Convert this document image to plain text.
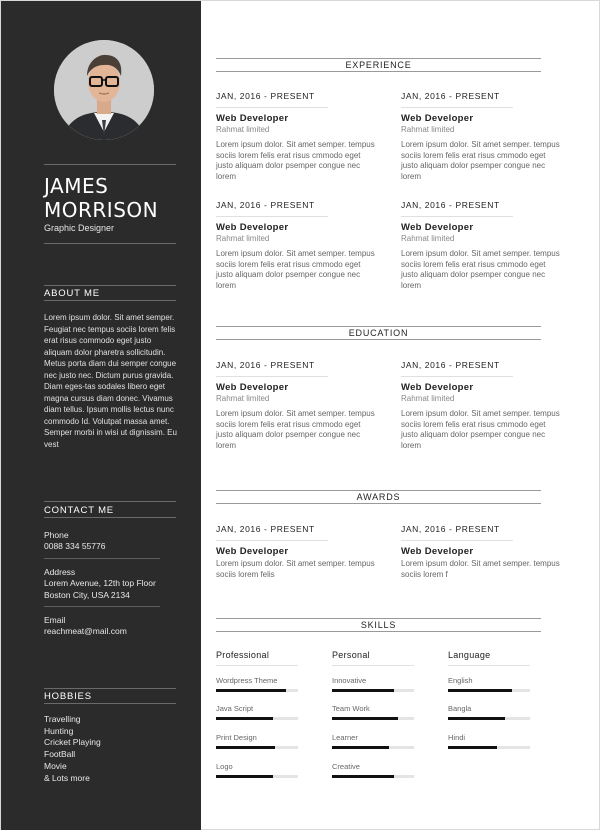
JAMES
MORRISON
Graphic Designer
ABOUT ME
Lorem ipsum dolor. Sit amet semper. Feugiat nec tempus sociis lorem felis erat risus commodo eget justo aliquam dolor pharetra sollicitudin. Metus porta diam dui semper congue nec justo nec. Dictum purus gravida. Diam eges-tas sodales libero eget magna cursus diam donec. Vivamus diam tellus. Ipsum mollis lectus nunc commodo Id. Volutpat massa amet. Semper morbi in wisi ut dignissim. Eu vest
CONTACT ME
Phone
0088 334 55776
Address
Lorem Avenue, 12th top Floor
Boston City, USA 2134
Email
reachmeat@mail.com
HOBBIES
Travelling
Hunting
Cricket Playing
FootBall
Movie
& Lots more
EXPERIENCE
JAN, 2016 - PRESENT
Web Developer
Rahmat limited
Lorem ipsum dolor. Sit amet semper. tempus sociis lorem felis erat risus cmmodo eget justo aliquam dolor psemper congue nec lorem
JAN, 2016 - PRESENT
Web Developer
Rahmat limited
Lorem ipsum dolor. Sit amet semper. tempus sociis lorem felis erat risus cmmodo eget justo aliquam dolor psemper congue nec lorem
JAN, 2016 - PRESENT
Web Developer
Rahmat limited
Lorem ipsum dolor. Sit amet semper. tempus sociis lorem felis erat risus cmmodo eget justo aliquam dolor psemper congue nec lorem
JAN, 2016 - PRESENT
Web Developer
Rahmat limited
Lorem ipsum dolor. Sit amet semper. tempus sociis lorem felis erat risus cmmodo eget justo aliquam dolor psemper congue nec lorem
EDUCATION
JAN, 2016 - PRESENT
Web Developer
Rahmat limited
Lorem ipsum dolor. Sit amet semper. tempus sociis lorem felis erat risus cmmodo eget justo aliquam dolor psemper congue nec lorem
JAN, 2016 - PRESENT
Web Developer
Rahmat limited
Lorem ipsum dolor. Sit amet semper. tempus sociis lorem felis erat risus cmmodo eget justo aliquam dolor psemper congue nec lorem
AWARDS
JAN, 2016 - PRESENT
Web Developer
Lorem ipsum dolor. Sit amet semper. tempus sociis lorem felis
JAN, 2016 - PRESENT
Web Developer
Lorem ipsum dolor. Sit amet semper. tempus sociis lorem f
SKILLS
Professional
Wordpress Theme
Java Script
Print Design
Logo
Personal
Innovative
Team Work
Learner
Creative
Language
English
Bangla
Hindi
